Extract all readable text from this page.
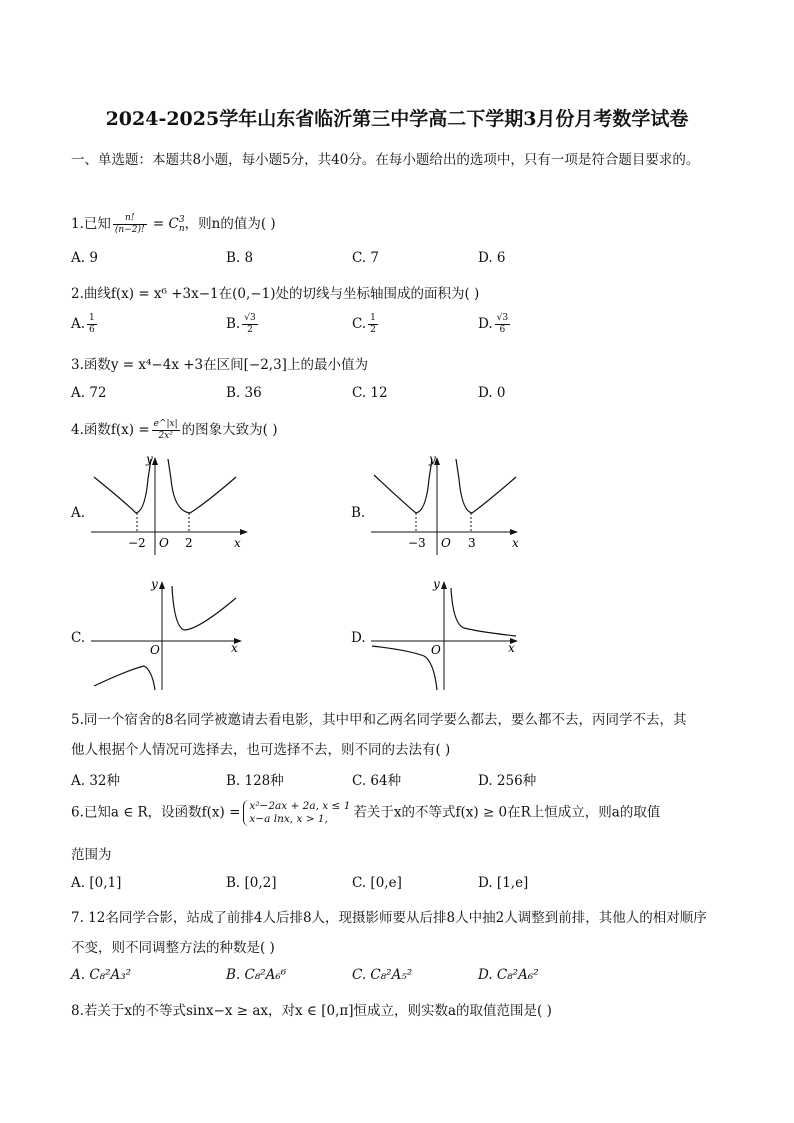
2024-2025学年山东省临沂第三中学高二下学期3月份月考数学试卷
一、单选题：本题共8小题，每小题5分，共40分。在每小题给出的选项中，只有一项是符合题目要求的。
1.已知 $\frac{n!}{(n-2)!} = C$ 3
n ，则n的值为( )
A. 9	B. 8	C. 7	D. 6
2.曲线f(x) = x⁶ +3x−1在(0,−1)处的切线与坐标轴围成的面积为( )
A. $\frac{1}{6}$	B. $\frac{√3}{2}$	C. $\frac{1}{2}$	D. $\frac{√3}{6}$
3.函数y = x⁴−4x +3在区间[−2,3]上的最小值为
A. 72	B. 36	C. 12	D. 0
4.函数$f(x) = \frac{e\^{}|x|}{\text{2x²}}$ 的图象大致为( )
A.	B.
C.	D.
y
x
O
−2	2
y
x
O
−3	3
y
x
O
y
x
O
5.同一个宿舍的8名同学被邀请去看电影，其中甲和乙两名同学要么都去，要么都不去，丙同学不去，其
他人根据个人情况可选择去，也可选择不去，则不同的去法有( )
A. 32种	B. 128种	C. 64种	D. 256种
6.已知a ∈ R，设函数f(x) = x²−2ax + 2a, x ≤ 1
x−a lnx, x > 1,	若关于x的不等式f(x) ≥ 0在R上恒成立，则a的取值
范围为
A. [0,1]	B. [0,2]	C. [0,e]	D. [1,e]
7. 12名同学合影，站成了前排4人后排8人，现摄影师要从后排8人中抽2人调整到前排，其他人的相对顺序
不变，则不同调整方法的种数是( )
A. C₈²A₃²	B. C₈²A₆⁶	C. C₈²A₅²	D. C₈²A₆²
8.若关于x的不等式sinx−x ≥ ax，对x ∈ [0,π]恒成立，则实数a的取值范围是( )
